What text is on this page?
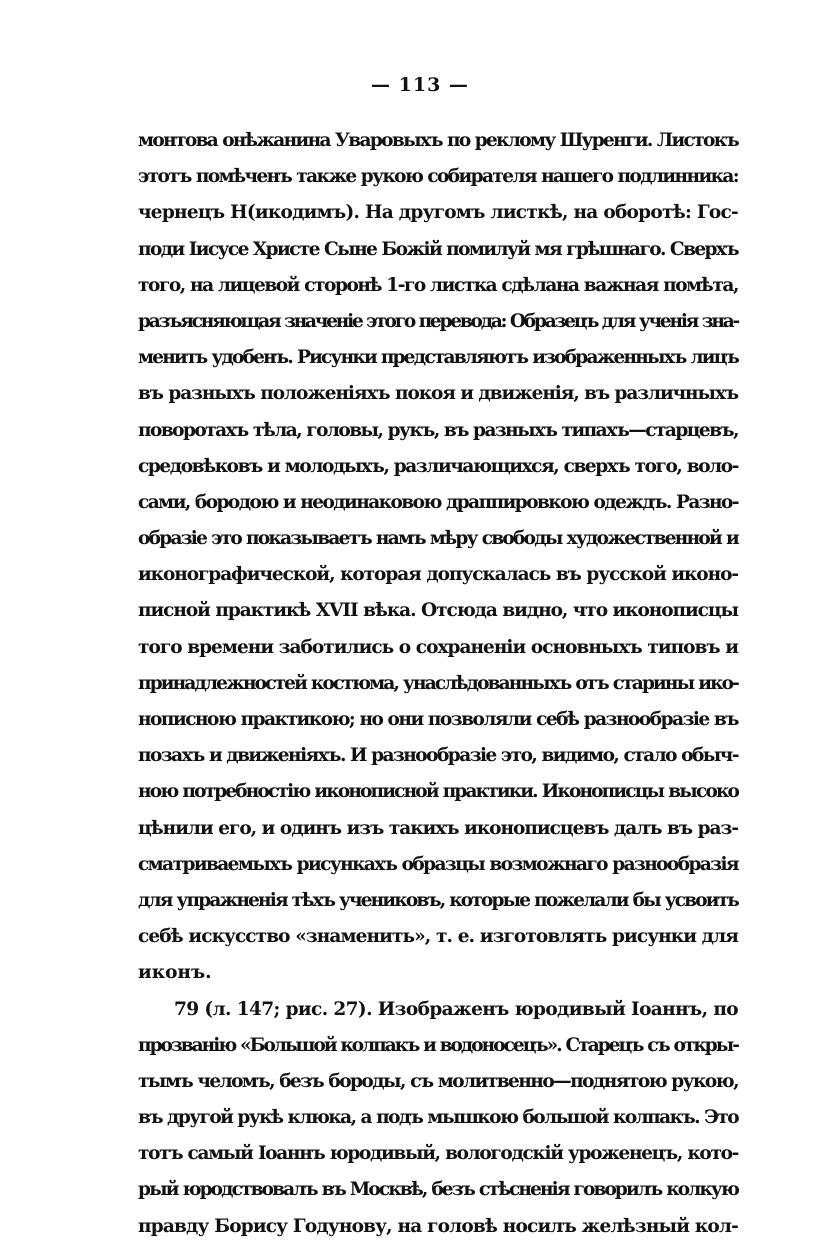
— 113 —
монтова онѣжанина Уваровыхъ по реклому Шуренги. Листокъ
этотъ помѣченъ также рукою собирателя нашего подлинника:
чернецъ Н(икодимъ). На другомъ листкѣ, на оборотѣ: Гос-
поди Іисусе Христе Сыне Божій помилуй мя грѣшнаго. Сверхъ
того, на лицевой сторонѣ 1-го листка сдѣлана важная помѣта,
разъясняющая значеніе этого перевода: Образецъ для ученія зна-
менить удобенъ. Рисунки представляютъ изображенныхъ лицъ
въ разныхъ положеніяхъ покоя и движенія, въ различныхъ
поворотахъ тѣла, головы, рукъ, въ разныхъ типахъ—старцевъ,
средовѣковъ и молодыхъ, различающихся, сверхъ того, воло-
сами, бородою и неодинаковою драппировкою одеждъ. Разно-
образіе это показываетъ намъ мѣру свободы художественной и
иконографической, которая допускалась въ русской иконо-
писной практикѣ XVII вѣка. Отсюда видно, что иконописцы
того времени заботились о сохраненіи основныхъ типовъ и
принадлежностей костюма, унаслѣдованныхъ отъ старины ико-
нописною практикою; но они позволяли себѣ разнообразіе въ
позахъ и движеніяхъ. И разнообразіе это, видимо, стало обыч-
ною потребностію иконописной практики. Иконописцы высоко
цѣнили его, и одинъ изъ такихъ иконописцевъ далъ въ раз-
сматриваемыхъ рисункахъ образцы возможнаго разнообразія
для упражненія тѣхъ учениковъ, которые пожелали бы усвоить
себѣ искусство «знаменить», т. е. изготовлять рисунки для
иконъ.
79 (л. 147; рис. 27). Изображенъ юродивый Іоаннъ, по
прозванію «Большой колпакъ и водоносецъ». Старецъ съ откры-
тымъ челомъ, безъ бороды, съ молитвенно—поднятою рукою,
въ другой рукѣ клюка, а подъ мышкою большой колпакъ. Это
тотъ самый Іоаннъ юродивый, вологодскій уроженецъ, кото-
рый юродствовалъ въ Москвѣ, безъ стѣсненія говорилъ колкую
правду Борису Годунову, на головѣ носилъ желѣзный кол-
